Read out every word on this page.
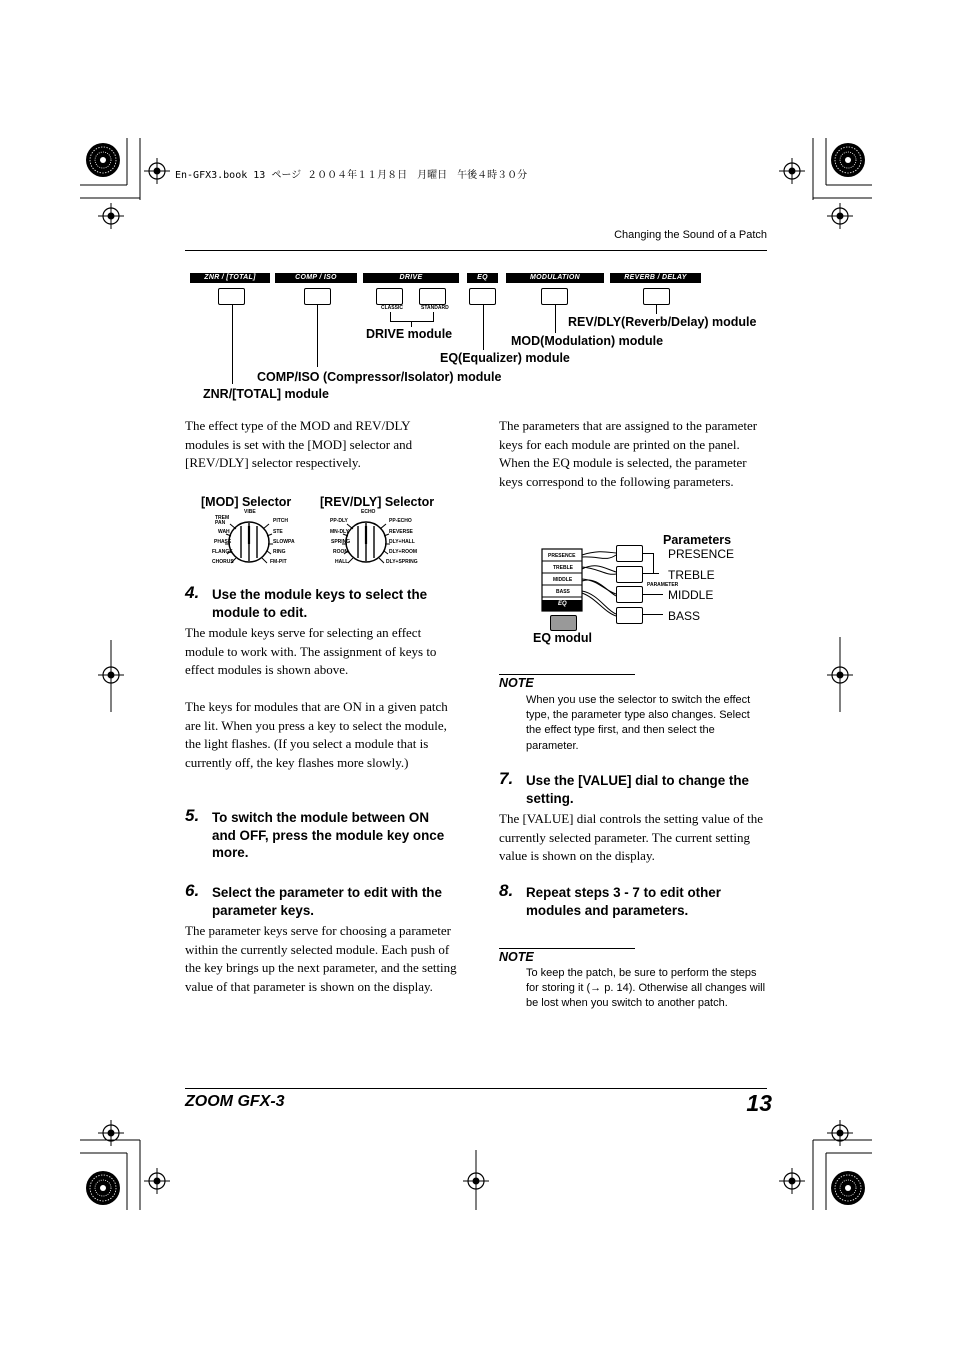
En-GFX3.book 13 ページ ２００４年１１月８日　月曜日　午後４時３０分
Changing the Sound of a Patch
ZNR / [TOTAL]	COMP / ISO	DRIVE	EQ	MODULATION	REVERB / DELAY
CLASSIC	STANDARD
REV/DLY(Reverb/Delay) module
DRIVE module	MOD(Modulation) module
EQ(Equalizer) module
COMP/ISO (Compressor/Isolator) module
ZNR/[TOTAL] module
The effect type of the MOD and REV/DLY modules is set with the [MOD] selector and [REV/DLY] selector respectively.
[MOD] Selector [REV/DLY] Selector
VIBE
TREM PAN
WAH
PHASE
FLANGE
CHORUS
PITCH
STE
SLOWPA
RING
FM-PIT
ECHO
PP-DLY
MN-DLY
SPRING
ROOM
HALL
PP-ECHO
REVERSE
DLY+HALL
DLY+ROOM
DLY+SPRING
4. Use the module keys to select the module to edit.
The module keys serve for selecting an effect module to work with. The assignment of keys to effect modules is shown above.
The keys for modules that are ON in a given patch are lit. When you press a key to select the module, the light flashes. (If you select a module that is currently off, the key flashes more slowly.)
5. To switch the module between ON and OFF, press the module key once more.
6. Select the parameter to edit with the parameter keys.
The parameter keys serve for choosing a parameter within the currently selected module. Each push of the key brings up the next parameter, and the setting value of that parameter is shown on the display.
The parameters that are assigned to the parameter keys for each module are printed on the panel. When the EQ module is selected, the parameter keys correspond to the following parameters.
PRESENCE
TREBLE
MIDDLE
BASS
EQ
PARAMETER
Parameters
PRESENCE
TREBLE
MIDDLE
BASS
EQ modul
NOTE
When you use the selector to switch the effect type, the parameter type also changes. Select the effect type first, and then select the parameter.
7. Use the [VALUE] dial to change the setting.
The [VALUE] dial controls the setting value of the currently selected parameter. The current setting value is shown on the display.
8. Repeat steps 3 - 7 to edit other modules and parameters.
NOTE
To keep the patch, be sure to perform the steps for storing it (→ p. 14). Otherwise all changes will be lost when you switch to another patch.
ZOOM GFX-3	13
